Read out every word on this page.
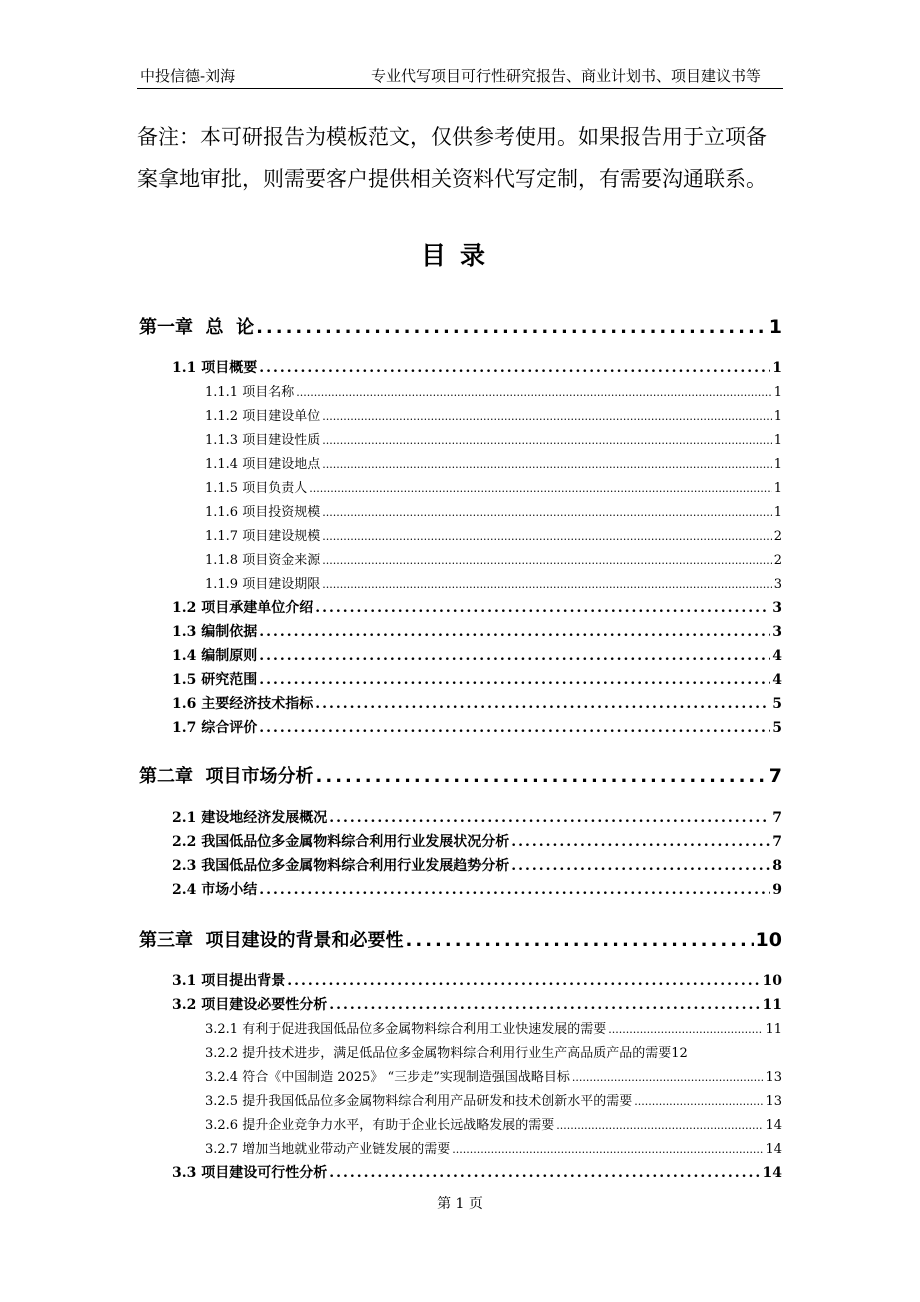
中投信德-刘海	专业代写项目可行性研究报告、商业计划书、项目建议书等
备注：本可研报告为模板范文，仅供参考使用。如果报告用于立项备案拿地审批，则需要客户提供相关资料代写定制，有需要沟通联系。
目录
第一章  总  论 .....	1
1.1 项目概要 .....	1
1.1.1 项目名称 .....	1
1.1.2 项目建设单位 .....	1
1.1.3 项目建设性质 .....	1
1.1.4 项目建设地点 .....	1
1.1.5 项目负责人 .....	1
1.1.6 项目投资规模 .....	1
1.1.7 项目建设规模 .....	2
1.1.8 项目资金来源 .....	2
1.1.9 项目建设期限 .....	3
1.2 项目承建单位介绍 .....	3
1.3 编制依据 .....	3
1.4 编制原则 .....	4
1.5 研究范围 .....	4
1.6 主要经济技术指标 .....	5
1.7 综合评价 .....	5
第二章  项目市场分析 .....	7
2.1 建设地经济发展概况 .....	7
2.2 我国低品位多金属物料综合利用行业发展状况分析 .....	7
2.3 我国低品位多金属物料综合利用行业发展趋势分析 .....	8
2.4 市场小结 .....	9
第三章  项目建设的背景和必要性 .....	10
3.1 项目提出背景 .....	10
3.2 项目建设必要性分析 .....	11
3.2.1 有利于促进我国低品位多金属物料综合利用工业快速发展的需要 .....	11
3.2.2 提升技术进步，满足低品位多金属物料综合利用行业生产高品质产品的需要 12
3.2.4 符合《中国制造 2025》 “三步走”实现制造强国战略目标 .....	13
3.2.5 提升我国低品位多金属物料综合利用产品研发和技术创新水平的需要 .....	13
3.2.6 提升企业竞争力水平，有助于企业长远战略发展的需要 .....	14
3.2.7 增加当地就业带动产业链发展的需要 .....	14
3.3 项目建设可行性分析 .....	14
第 1 页
